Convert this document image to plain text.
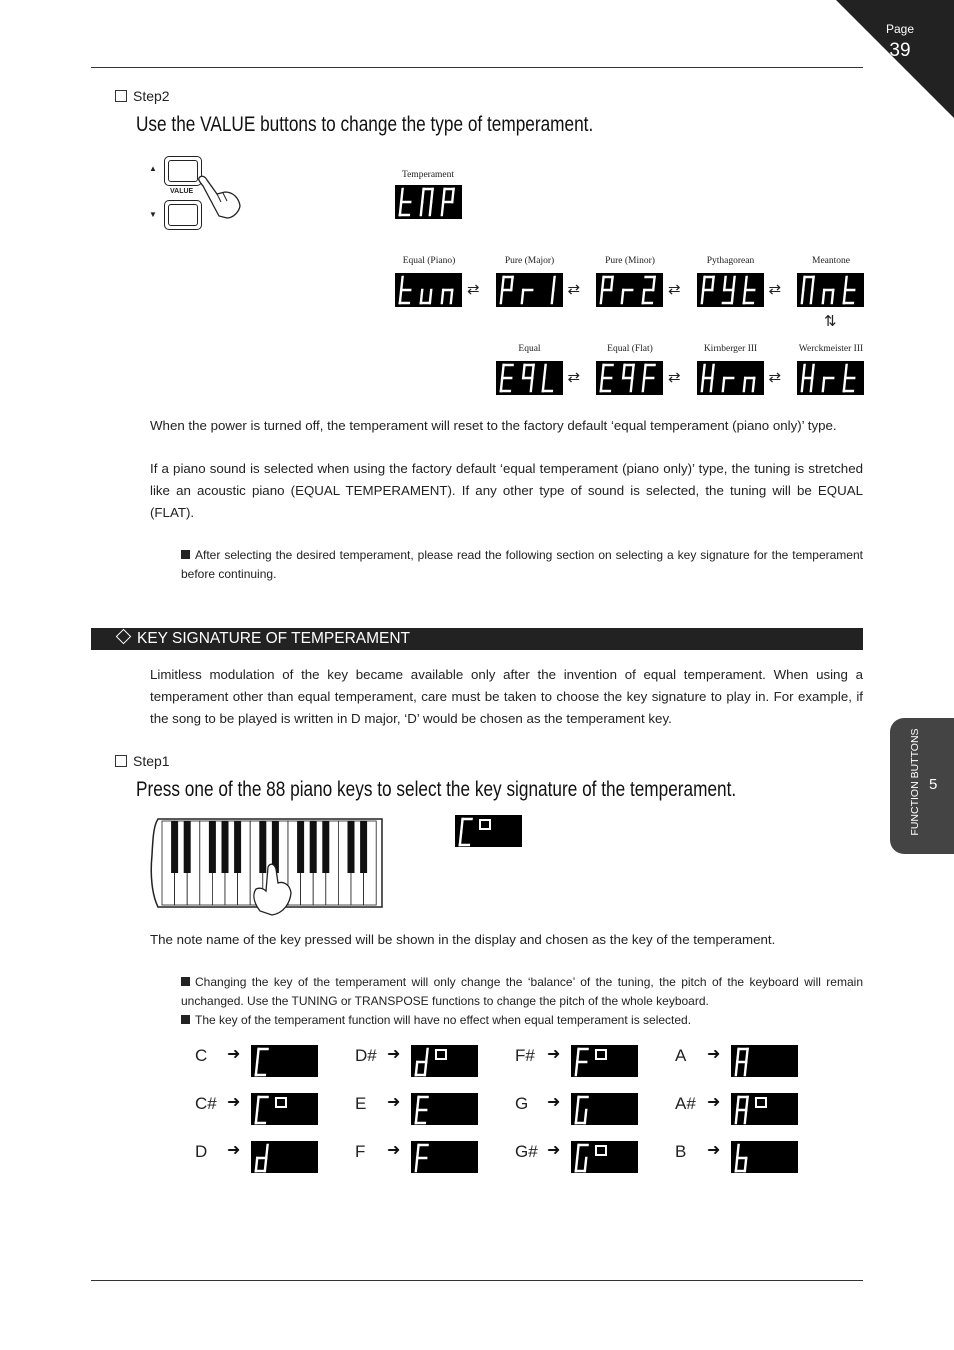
Page
39
Step2
Use the VALUE buttons to change the type of temperament.
▲
▼
VALUE
Temperament
Equal (Piano)
⇄
Pure (Major)
⇄
Pure (Minor)
⇄
Pythagorean
⇄
Meantone
Equal
⇄
Equal (Flat)
⇄
Kirnberger III
⇄
Werckmeister III
⇅
When the power is turned off, the temperament will reset to the factory default ‘equal temperament (piano only)’ type.
If a piano sound is selected when using the factory default ‘equal temperament (piano only)’ type, the tuning is stretched like an acoustic piano (EQUAL TEMPERAMENT). If any other type of sound is selected, the tuning will be EQUAL (FLAT).
After selecting the desired temperament, please read the following section on selecting a key signature for the temperament before continuing.
KEY SIGNATURE OF TEMPERAMENT
Limitless modulation of the key became available only after the invention of equal temperament. When using a temperament other than equal temperament, care must be taken to choose the key signature to play in. For example, if the song to be played is written in D major, ‘D’ would be chosen as the temperament key.
Step1
Press one of the 88 piano keys to select the key signature of the temperament.
The note name of the key pressed will be shown in the display and chosen as the key of the temperament.
Changing the key of the temperament will only change the ‘balance’ of the tuning, the pitch of the keyboard will remain unchanged. Use the TUNING or TRANSPOSE functions to change the pitch of the whole keyboard.
The key of the temperament function will have no effect when equal temperament is selected.
C ➜
C# ➜
D ➜
D# ➜
E ➜
F ➜
F# ➜
G ➜
G# ➜
A ➜
A# ➜
B ➜
FUNCTION BUTTONS 5
